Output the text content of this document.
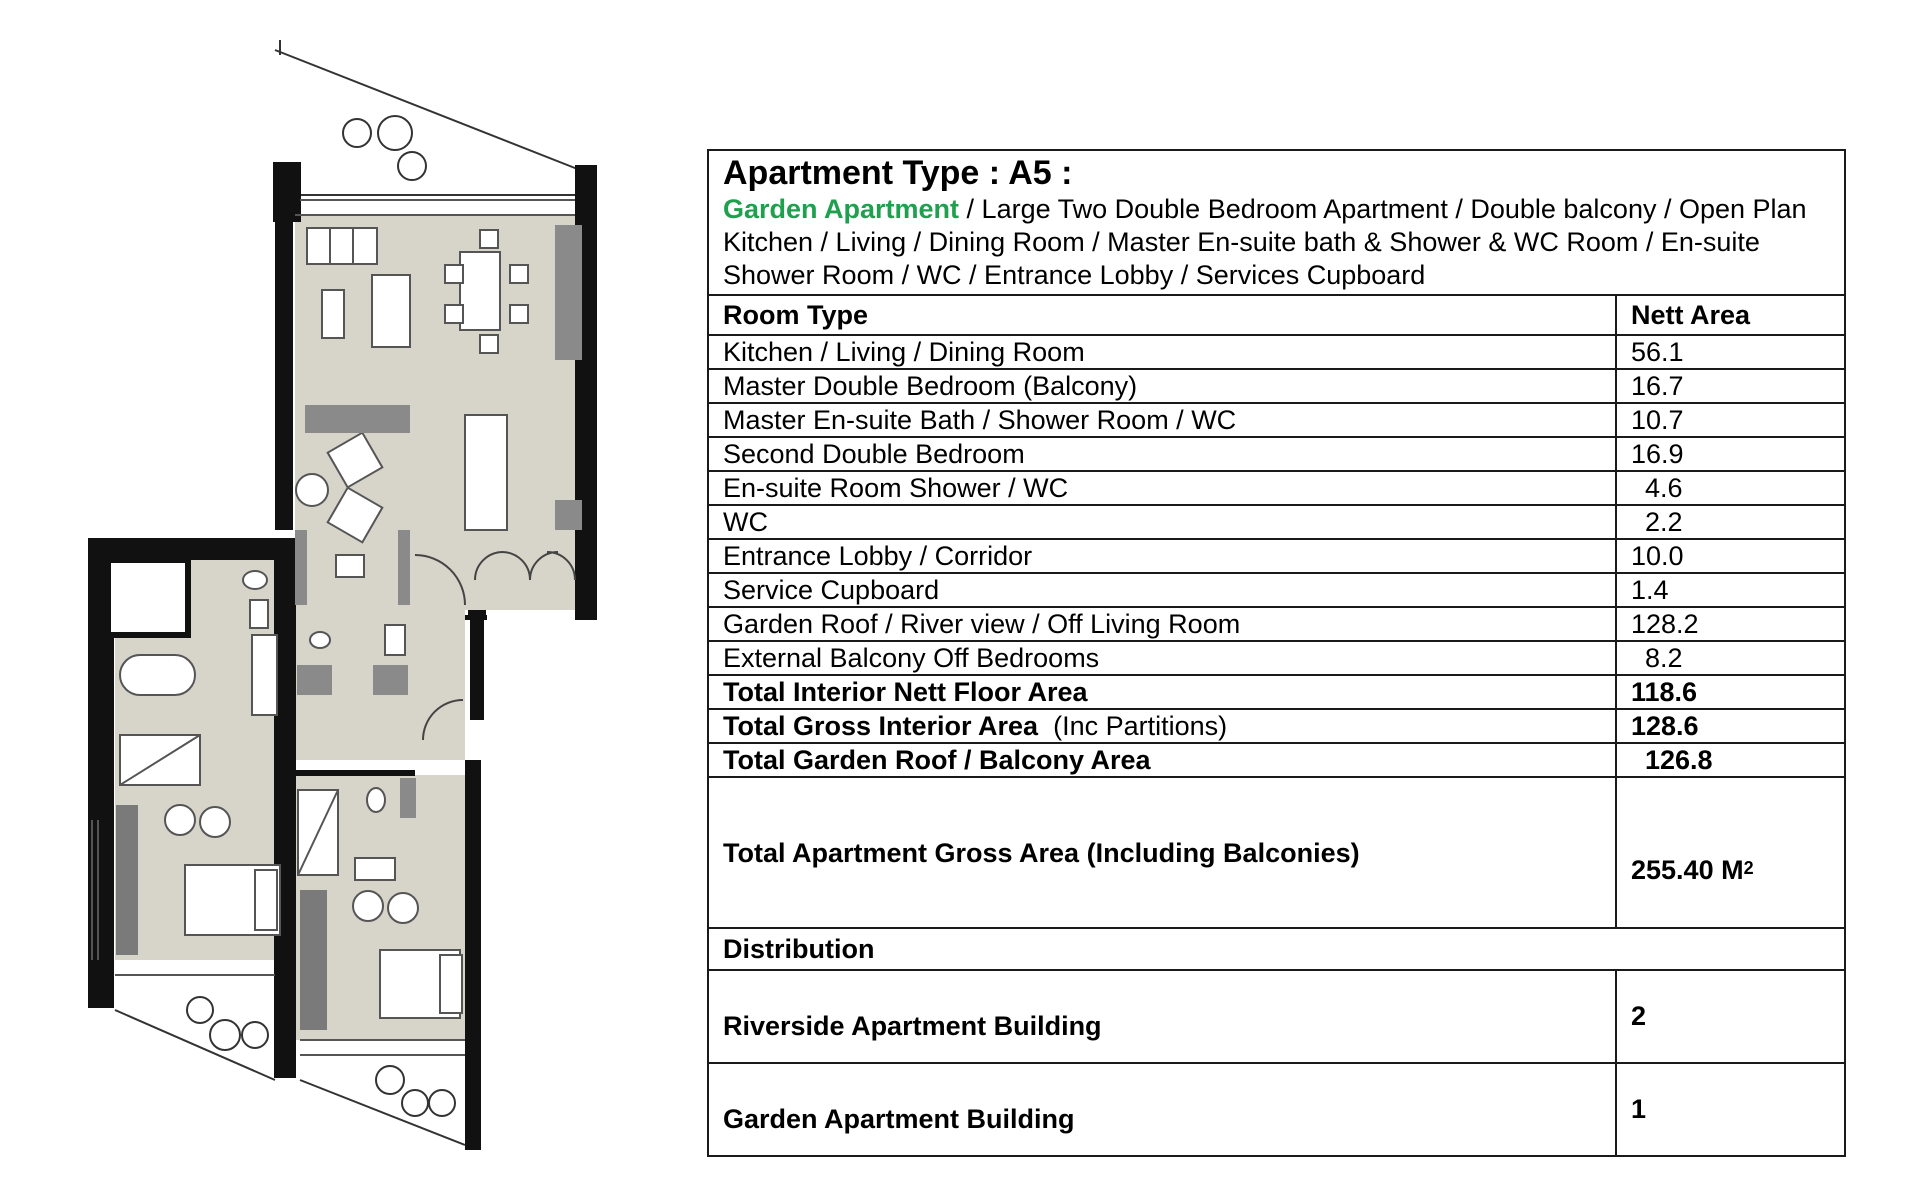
Apartment Type : A5 :
Garden Apartment / Large Two Double Bedroom Apartment / Double balcony / Open Plan Kitchen / Living / Dining Room / Master En-suite bath & Shower & WC Room / En-suite Shower Room / WC / Entrance Lobby / Services Cupboard	

Room Type	Nett Area
Kitchen / Living / Dining Room	56.1
Master Double Bedroom (Balcony)	16.7
Master En-suite Bath / Shower Room / WC	10.7
Second Double Bedroom	16.9
En-suite Room Shower / WC	4.6
WC	2.2
Entrance Lobby / Corridor	10.0
Service Cupboard	1.4
Garden Roof / River view / Off Living Room	128.2
External Balcony Off Bedrooms	8.2
Total Interior Nett Floor Area	118.6
Total Gross Interior Area  (Inc Partitions)	128.6
Total Garden Roof / Balcony Area	126.8
Total Apartment Gross Area (Including Balconies)	255.40 $M^2$
Distribution	
Riverside Apartment Building	2
Garden Apartment Building	1
